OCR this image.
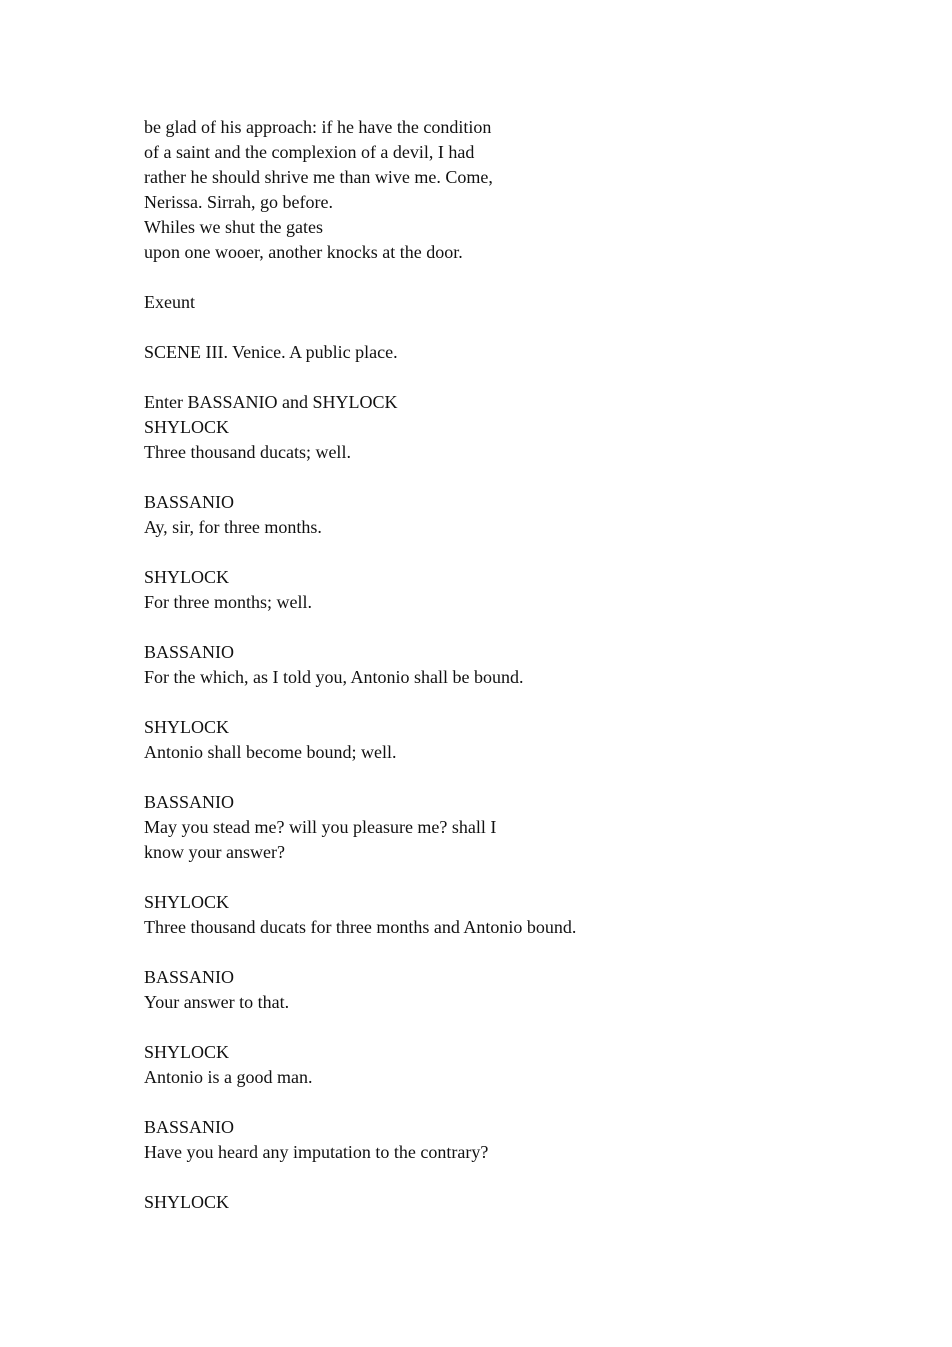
be glad of his approach: if he have the condition
of a saint and the complexion of a devil, I had
rather he should shrive me than wive me. Come,
Nerissa. Sirrah, go before.
Whiles we shut the gates
upon one wooer, another knocks at the door.
Exeunt
SCENE III. Venice. A public place.
Enter BASSANIO and SHYLOCK
SHYLOCK
Three thousand ducats; well.
BASSANIO
Ay, sir, for three months.
SHYLOCK
For three months; well.
BASSANIO
For the which, as I told you, Antonio shall be bound.
SHYLOCK
Antonio shall become bound; well.
BASSANIO
May you stead me? will you pleasure me? shall I
know your answer?
SHYLOCK
Three thousand ducats for three months and Antonio bound.
BASSANIO
Your answer to that.
SHYLOCK
Antonio is a good man.
BASSANIO
Have you heard any imputation to the contrary?
SHYLOCK
